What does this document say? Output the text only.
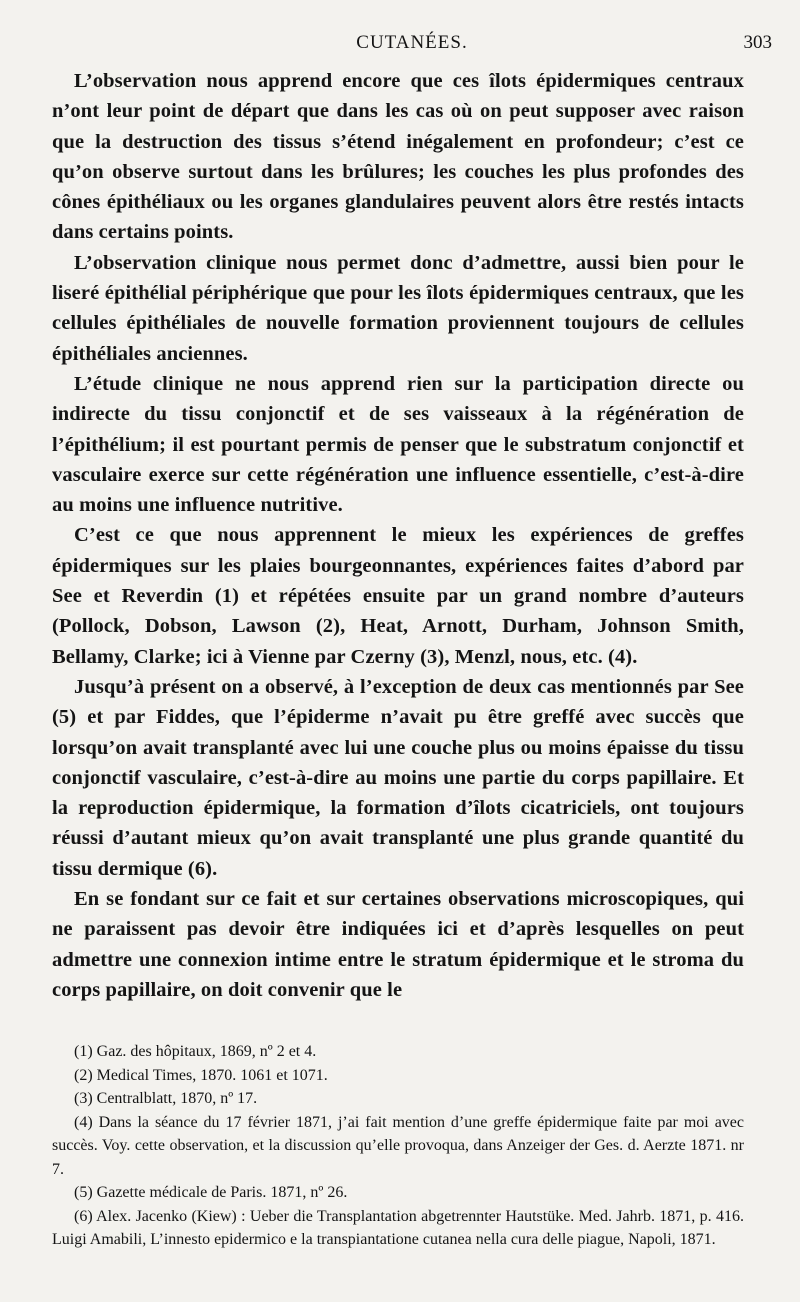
CUTANÉES.	303

L’observation nous apprend encore que ces îlots épidermiques centraux n’ont leur point de départ que dans les cas où on peut supposer avec raison que la destruction des tissus s’étend inégalement en profondeur; c’est ce qu’on observe surtout dans les brûlures; les couches les plus profondes des cônes épithéliaux ou les organes glandulaires peuvent alors être restés intacts dans certains points.

L’observation clinique nous permet donc d’admettre, aussi bien pour le liseré épithélial périphérique que pour les îlots épidermiques centraux, que les cellules épithéliales de nouvelle formation proviennent toujours de cellules épithéliales anciennes.

L’étude clinique ne nous apprend rien sur la participation directe ou indirecte du tissu conjonctif et de ses vaisseaux à la régénération de l’épithélium; il est pourtant permis de penser que le substratum conjonctif et vasculaire exerce sur cette régénération une influence essentielle, c’est-à-dire au moins une influence nutritive.

C’est ce que nous apprennent le mieux les expériences de greffes épidermiques sur les plaies bourgeonnantes, expériences faites d’abord par See et Reverdin (1) et répétées ensuite par un grand nombre d’auteurs (Pollock, Dobson, Lawson (2), Heat, Arnott, Durham, Johnson Smith, Bellamy, Clarke; ici à Vienne par Czerny (3), Menzl, nous, etc. (4).

Jusqu’à présent on a observé, à l’exception de deux cas mentionnés par See (5) et par Fiddes, que l’épiderme n’avait pu être greffé avec succès que lorsqu’on avait transplanté avec lui une couche plus ou moins épaisse du tissu conjonctif vasculaire, c’est-à-dire au moins une partie du corps papillaire. Et la reproduction épidermique, la formation d’îlots cicatriciels, ont toujours réussi d’autant mieux qu’on avait transplanté une plus grande quantité du tissu dermique (6).

En se fondant sur ce fait et sur certaines observations microscopiques, qui ne paraissent pas devoir être indiquées ici et d’après lesquelles on peut admettre une connexion intime entre le stratum épidermique et le stroma du corps papillaire, on doit convenir que le

(1) Gaz. des hôpitaux, 1869, nº 2 et 4.

(2) Medical Times, 1870. 1061 et 1071.

(3) Centralblatt, 1870, nº 17.

(4) Dans la séance du 17 février 1871, j’ai fait mention d’une greffe épidermique faite par moi avec succès. Voy. cette observation, et la discussion qu’elle provoqua, dans Anzeiger der Ges. d. Aerzte 1871. nr 7.

(5) Gazette médicale de Paris. 1871, nº 26.

(6) Alex. Jacenko (Kiew) : Ueber die Transplantation abgetrennter Hautstüke. Med. Jahrb. 1871, p. 416. Luigi Amabili, L’innesto epidermico e la transpiantatione cutanea nella cura delle piague, Napoli, 1871.
